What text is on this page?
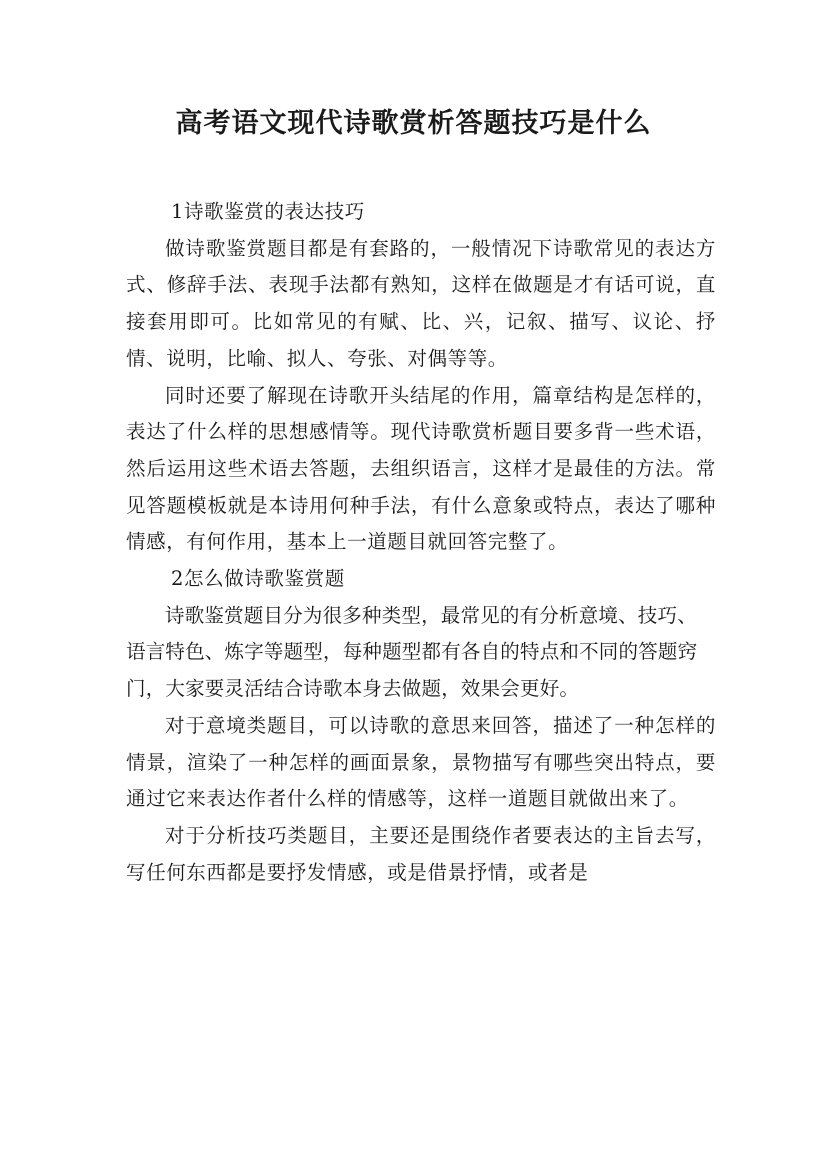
高考语文现代诗歌赏析答题技巧是什么

1诗歌鉴赏的表达技巧

做诗歌鉴赏题目都是有套路的，一般情况下诗歌常见的表达方式、修辞手法、表现手法都有熟知，这样在做题是才有话可说，直接套用即可。比如常见的有赋、比、兴，记叙、描写、议论、抒情、说明，比喻、拟人、夸张、对偶等等。

同时还要了解现在诗歌开头结尾的作用，篇章结构是怎样的，表达了什么样的思想感情等。现代诗歌赏析题目要多背一些术语，然后运用这些术语去答题，去组织语言，这样才是最佳的方法。常见答题模板就是本诗用何种手法，有什么意象或特点，表达了哪种情感，有何作用，基本上一道题目就回答完整了。

2怎么做诗歌鉴赏题

诗歌鉴赏题目分为很多种类型，最常见的有分析意境、技巧、语言特色、炼字等题型，每种题型都有各自的特点和不同的答题窍门，大家要灵活结合诗歌本身去做题，效果会更好。

对于意境类题目，可以诗歌的意思来回答，描述了一种怎样的情景，渲染了一种怎样的画面景象，景物描写有哪些突出特点，要通过它来表达作者什么样的情感等，这样一道题目就做出来了。

对于分析技巧类题目，主要还是围绕作者要表达的主旨去写，写任何东西都是要抒发情感，或是借景抒情，或者是
